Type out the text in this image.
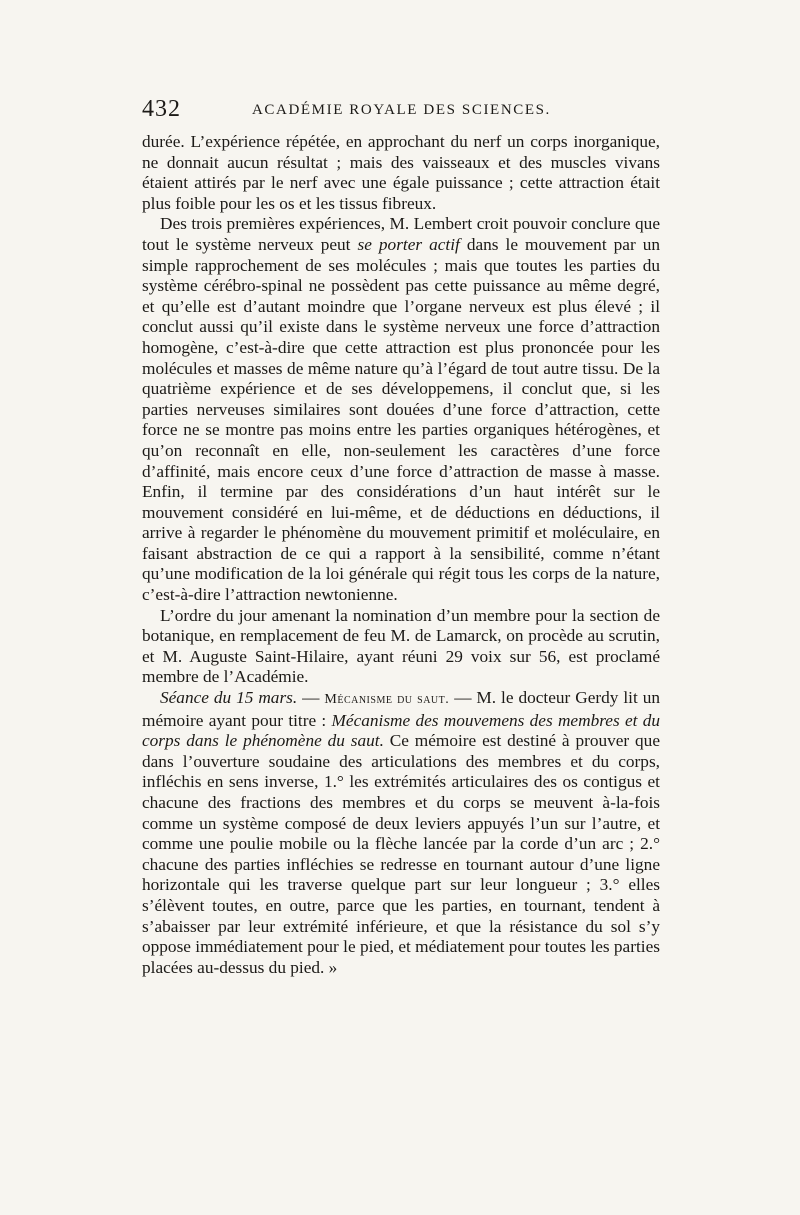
432	ACADÉMIE ROYALE DES SCIENCES.

durée. L’expérience répétée, en approchant du nerf un corps inorganique, ne donnait aucun résultat ; mais des vaisseaux et des muscles vivans étaient attirés par le nerf avec une égale puissance ; cette attraction était plus foible pour les os et les tissus fibreux.

Des trois premières expériences, M. Lembert croit pouvoir conclure que tout le système nerveux peut se porter actif dans le mouvement par un simple rapprochement de ses molécules ; mais que toutes les parties du système cérébro-spinal ne possèdent pas cette puissance au même degré, et qu’elle est d’autant moindre que l’organe nerveux est plus élevé ; il conclut aussi qu’il existe dans le système nerveux une force d’attraction homogène, c’est-à-dire que cette attraction est plus prononcée pour les molécules et masses de même nature qu’à l’égard de tout autre tissu. De la quatrième expérience et de ses développemens, il conclut que, si les parties nerveuses similaires sont douées d’une force d’attraction, cette force ne se montre pas moins entre les parties organiques hétérogènes, et qu’on reconnaît en elle, non-seulement les caractères d’une force d’affinité, mais encore ceux d’une force d’attraction de masse à masse. Enfin, il termine par des considérations d’un haut intérêt sur le mouvement considéré en lui-même, et de déductions en déductions, il arrive à regarder le phénomène du mouvement primitif et moléculaire, en faisant abstraction de ce qui a rapport à la sensibilité, comme n’étant qu’une modification de la loi générale qui régit tous les corps de la nature, c’est-à-dire l’attraction newtonienne.

L’ordre du jour amenant la nomination d’un membre pour la section de botanique, en remplacement de feu M. de Lamarck, on procède au scrutin, et M. Auguste Saint-Hilaire, ayant réuni 29 voix sur 56, est proclamé membre de l’Académie.

Séance du 15 mars. — Mécanisme du saut. — M. le docteur Gerdy lit un mémoire ayant pour titre : Mécanisme des mouvemens des membres et du corps dans le phénomène du saut. Ce mémoire est destiné à prouver que dans l’ouverture soudaine des articulations des membres et du corps, infléchis en sens inverse, 1.° les extrémités articulaires des os contigus et chacune des fractions des membres et du corps se meuvent à-la-fois comme un système composé de deux leviers appuyés l’un sur l’autre, et comme une poulie mobile ou la flèche lancée par la corde d’un arc ; 2.° chacune des parties infléchies se redresse en tournant autour d’une ligne horizontale qui les traverse quelque part sur leur longueur ; 3.° elles s’élèvent toutes, en outre, parce que les parties, en tournant, tendent à s’abaisser par leur extrémité inférieure, et que la résistance du sol s’y oppose immédiatement pour le pied, et médiatement pour toutes les parties placées au-dessus du pied. »
